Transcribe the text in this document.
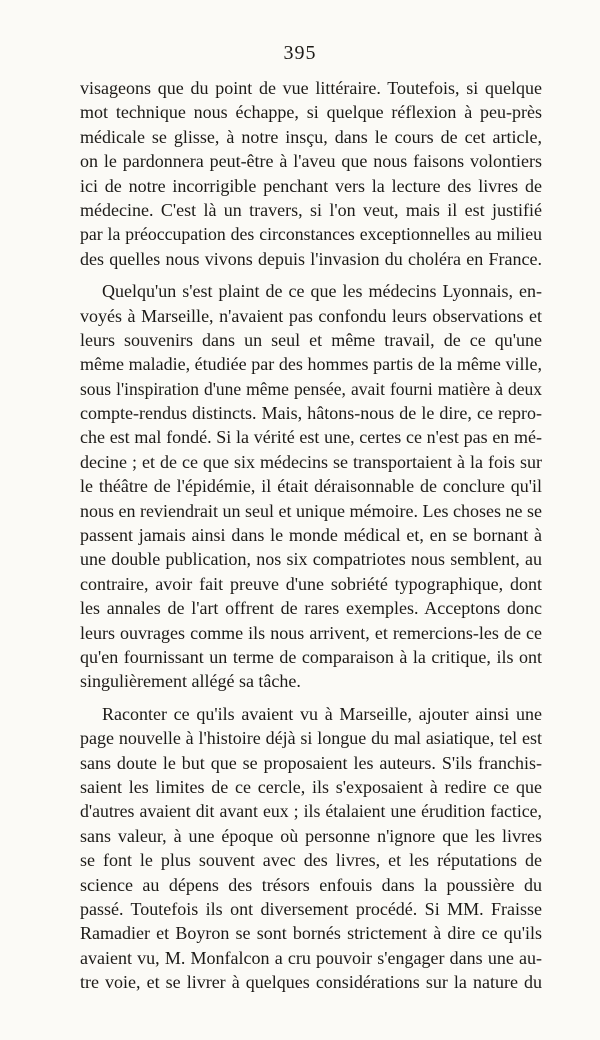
395
visageons que du point de vue littéraire. Toutefois, si quelque
mot technique nous échappe, si quelque réflexion à peu-près
médicale se glisse, à notre insçu, dans le cours de cet article,
on le pardonnera peut-être à l'aveu que nous faisons volontiers
ici de notre incorrigible penchant vers la lecture des livres de
médecine. C'est là un travers, si l'on veut, mais il est justifié
par la préoccupation des circonstances exceptionnelles au milieu
des quelles nous vivons depuis l'invasion du choléra en France.
Quelqu'un s'est plaint de ce que les médecins Lyonnais, en-
voyés à Marseille, n'avaient pas confondu leurs observations et
leurs souvenirs dans un seul et même travail, de ce qu'une
même maladie, étudiée par des hommes partis de la même ville,
sous l'inspiration d'une même pensée, avait fourni matière à deux
compte-rendus distincts. Mais, hâtons-nous de le dire, ce repro-
che est mal fondé. Si la vérité est une, certes ce n'est pas en mé-
decine ; et de ce que six médecins se transportaient à la fois sur
le théâtre de l'épidémie, il était déraisonnable de conclure qu'il
nous en reviendrait un seul et unique mémoire. Les choses ne se
passent jamais ainsi dans le monde médical et, en se bornant à
une double publication, nos six compatriotes nous semblent, au
contraire, avoir fait preuve d'une sobriété typographique, dont
les annales de l'art offrent de rares exemples. Acceptons donc
leurs ouvrages comme ils nous arrivent, et remercions-les de ce
qu'en fournissant un terme de comparaison à la critique, ils ont
singulièrement allégé sa tâche.
Raconter ce qu'ils avaient vu à Marseille, ajouter ainsi une
page nouvelle à l'histoire déjà si longue du mal asiatique, tel est
sans doute le but que se proposaient les auteurs. S'ils franchis-
saient les limites de ce cercle, ils s'exposaient à redire ce que
d'autres avaient dit avant eux ; ils étalaient une érudition factice,
sans valeur, à une époque où personne n'ignore que les livres
se font le plus souvent avec des livres, et les réputations de
science au dépens des trésors enfouis dans la poussière du
passé. Toutefois ils ont diversement procédé. Si MM. Fraisse
Ramadier et Boyron se sont bornés strictement à dire ce qu'ils
avaient vu, M. Monfalcon a cru pouvoir s'engager dans une au-
tre voie, et se livrer à quelques considérations sur la nature du
